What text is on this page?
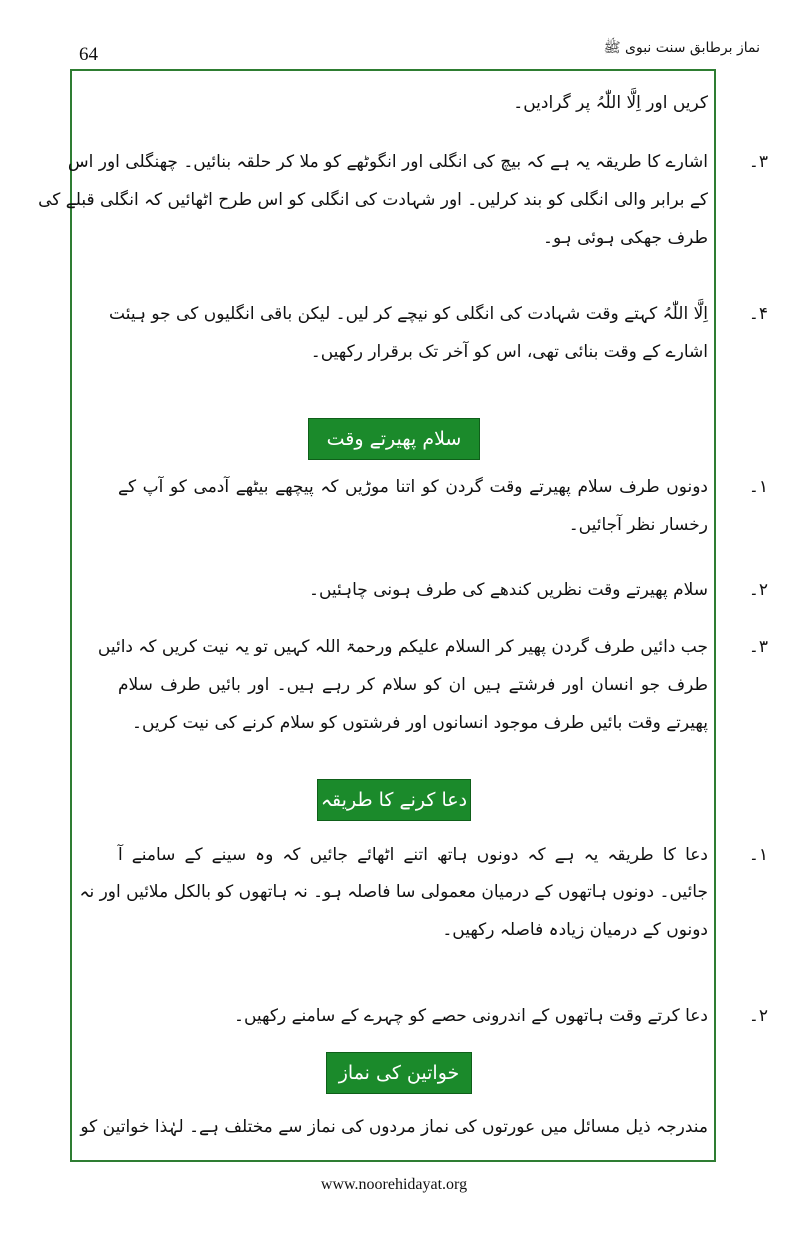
64	نماز برطابق سنت نبوی ﷺ
کریں اور اِلَّا اللّٰہُ پر گرادیں۔
۳۔
اشارے کا طریقہ یہ ہے کہ بیچ کی انگلی اور انگوٹھے کو ملا کر حلقہ بنائیں۔ چھنگلی اور اس
کے برابر والی انگلی کو بند کرلیں۔ اور شہادت کی انگلی کو اس طرح اٹھائیں کہ انگلی قبلے کی
طرف جھکی ہوئی ہو۔
۴۔
اِلَّا اللّٰہُ کہتے وقت شہادت کی انگلی کو نیچے کر لیں۔ لیکن باقی انگلیوں کی جو ہیئت
اشارے کے وقت بنائی تھی، اس کو آخر تک برقرار رکھیں۔
سلام پھیرتے وقت
۱۔
دونوں طرف سلام پھیرتے وقت گردن کو اتنا موڑیں کہ پیچھے بیٹھے آدمی کو آپ کے
رخسار نظر آجائیں۔
۲۔
سلام پھیرتے وقت نظریں کندھے کی طرف ہونی چاہئیں۔
۳۔
جب دائیں طرف گردن پھیر کر السلام علیکم ورحمۃ اللہ کہیں تو یہ نیت کریں کہ دائیں
طرف جو انسان اور فرشتے ہیں ان کو سلام کر رہے ہیں۔ اور بائیں طرف سلام
پھیرتے وقت بائیں طرف موجود انسانوں اور فرشتوں کو سلام کرنے کی نیت کریں۔
دعا کرنے کا طریقہ
۱۔
دعا کا طریقہ یہ ہے کہ دونوں ہاتھ اتنے اٹھائے جائیں کہ وہ سینے کے سامنے آ
جائیں۔ دونوں ہاتھوں کے درمیان معمولی سا فاصلہ ہو۔ نہ ہاتھوں کو بالکل ملائیں اور نہ
دونوں کے درمیان زیادہ فاصلہ رکھیں۔
۲۔
دعا کرتے وقت ہاتھوں کے اندرونی حصے کو چہرے کے سامنے رکھیں۔
خواتین کی نماز
مندرجہ ذیل مسائل میں عورتوں کی نماز مردوں کی نماز سے مختلف ہے۔ لہٰذا خواتین کو
www.noorehidayat.org
